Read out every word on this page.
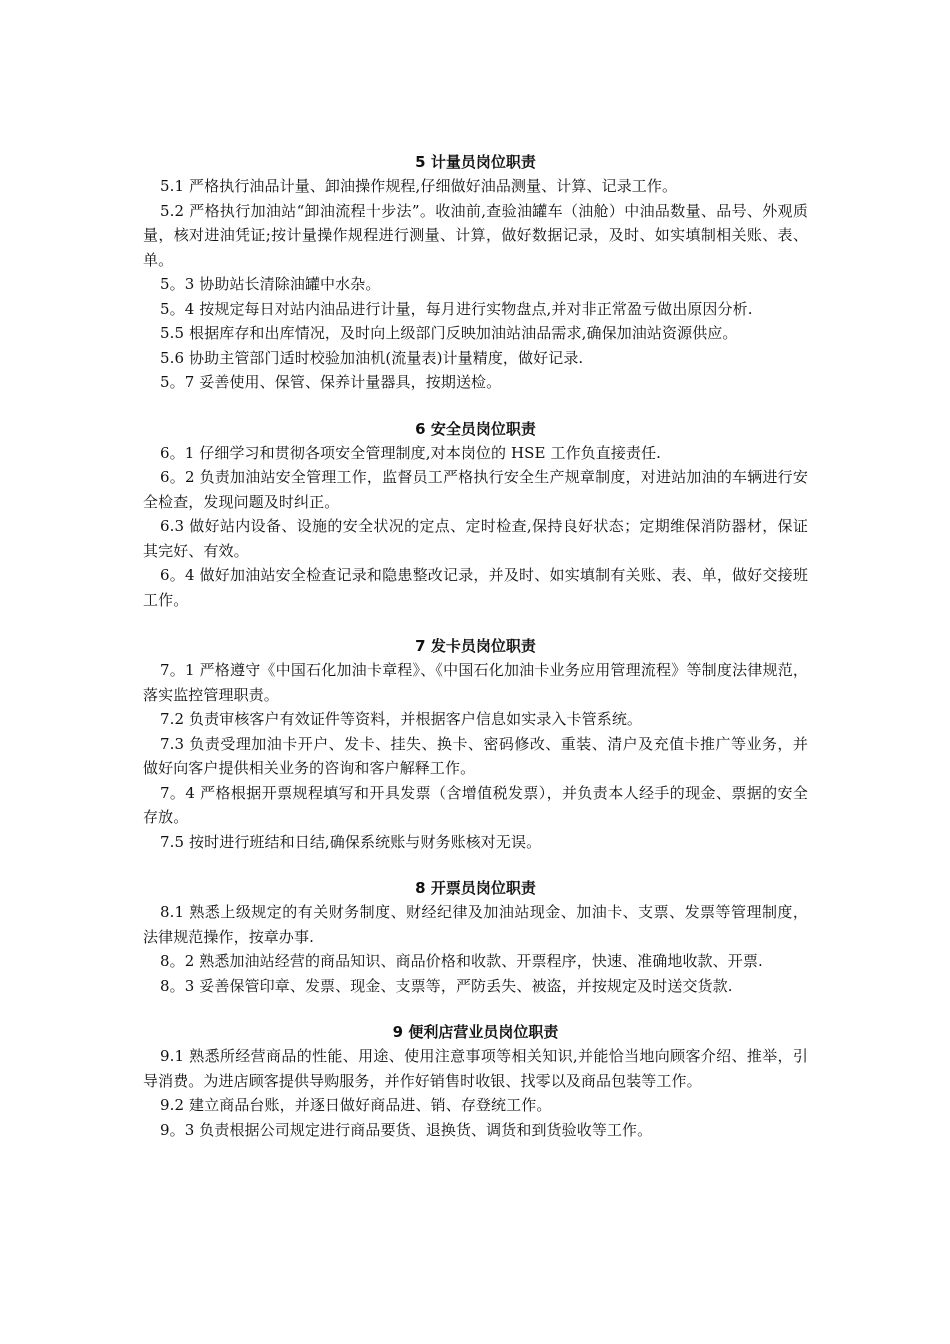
5 计量员岗位职责

5.1 严格执行油品计量、卸油操作规程,仔细做好油品测量、计算、记录工作。

5.2 严格执行加油站“卸油流程十步法”。收油前,查验油罐车（油舱）中油品数量、品号、外观质量，核对进油凭证;按计量操作规程进行测量、计算，做好数据记录，及时、如实填制相关账、表、单。

5。3 协助站长清除油罐中水杂。

5。4 按规定每日对站内油品进行计量，每月进行实物盘点,并对非正常盈亏做出原因分析.

5.5 根据库存和出库情况，及时向上级部门反映加油站油品需求,确保加油站资源供应。

5.6 协助主管部门适时校验加油机(流量表)计量精度，做好记录.

5。7 妥善使用、保管、保养计量器具，按期送检。

6 安全员岗位职责

6。1 仔细学习和贯彻各项安全管理制度,对本岗位的 HSE 工作负直接责任.

6。2 负责加油站安全管理工作，监督员工严格执行安全生产规章制度，对进站加油的车辆进行安全检查，发现问题及时纠正。

6.3 做好站内设备、设施的安全状况的定点、定时检查,保持良好状态；定期维保消防器材，保证其完好、有效。

6。4 做好加油站安全检查记录和隐患整改记录，并及时、如实填制有关账、表、单，做好交接班工作。

7 发卡员岗位职责

7。1 严格遵守《中国石化加油卡章程》、《中国石化加油卡业务应用管理流程》等制度法律规范，落实监控管理职责。

7.2 负责审核客户有效证件等资料，并根据客户信息如实录入卡管系统。

7.3 负责受理加油卡开户、发卡、挂失、换卡、密码修改、重装、清户及充值卡推广等业务，并做好向客户提供相关业务的咨询和客户解释工作。

7。4 严格根据开票规程填写和开具发票（含增值税发票），并负责本人经手的现金、票据的安全存放。

7.5 按时进行班结和日结,确保系统账与财务账核对无误。

8 开票员岗位职责

8.1 熟悉上级规定的有关财务制度、财经纪律及加油站现金、加油卡、支票、发票等管理制度，法律规范操作，按章办事.

8。2 熟悉加油站经营的商品知识、商品价格和收款、开票程序，快速、准确地收款、开票.

8。3 妥善保管印章、发票、现金、支票等，严防丢失、被盗，并按规定及时送交货款.

9 便利店营业员岗位职责

9.1 熟悉所经营商品的性能、用途、使用注意事项等相关知识,并能恰当地向顾客介绍、推举，引导消费。为进店顾客提供导购服务，并作好销售时收银、找零以及商品包装等工作。

9.2 建立商品台账，并逐日做好商品进、销、存登统工作。

9。3 负责根据公司规定进行商品要货、退换货、调货和到货验收等工作。
